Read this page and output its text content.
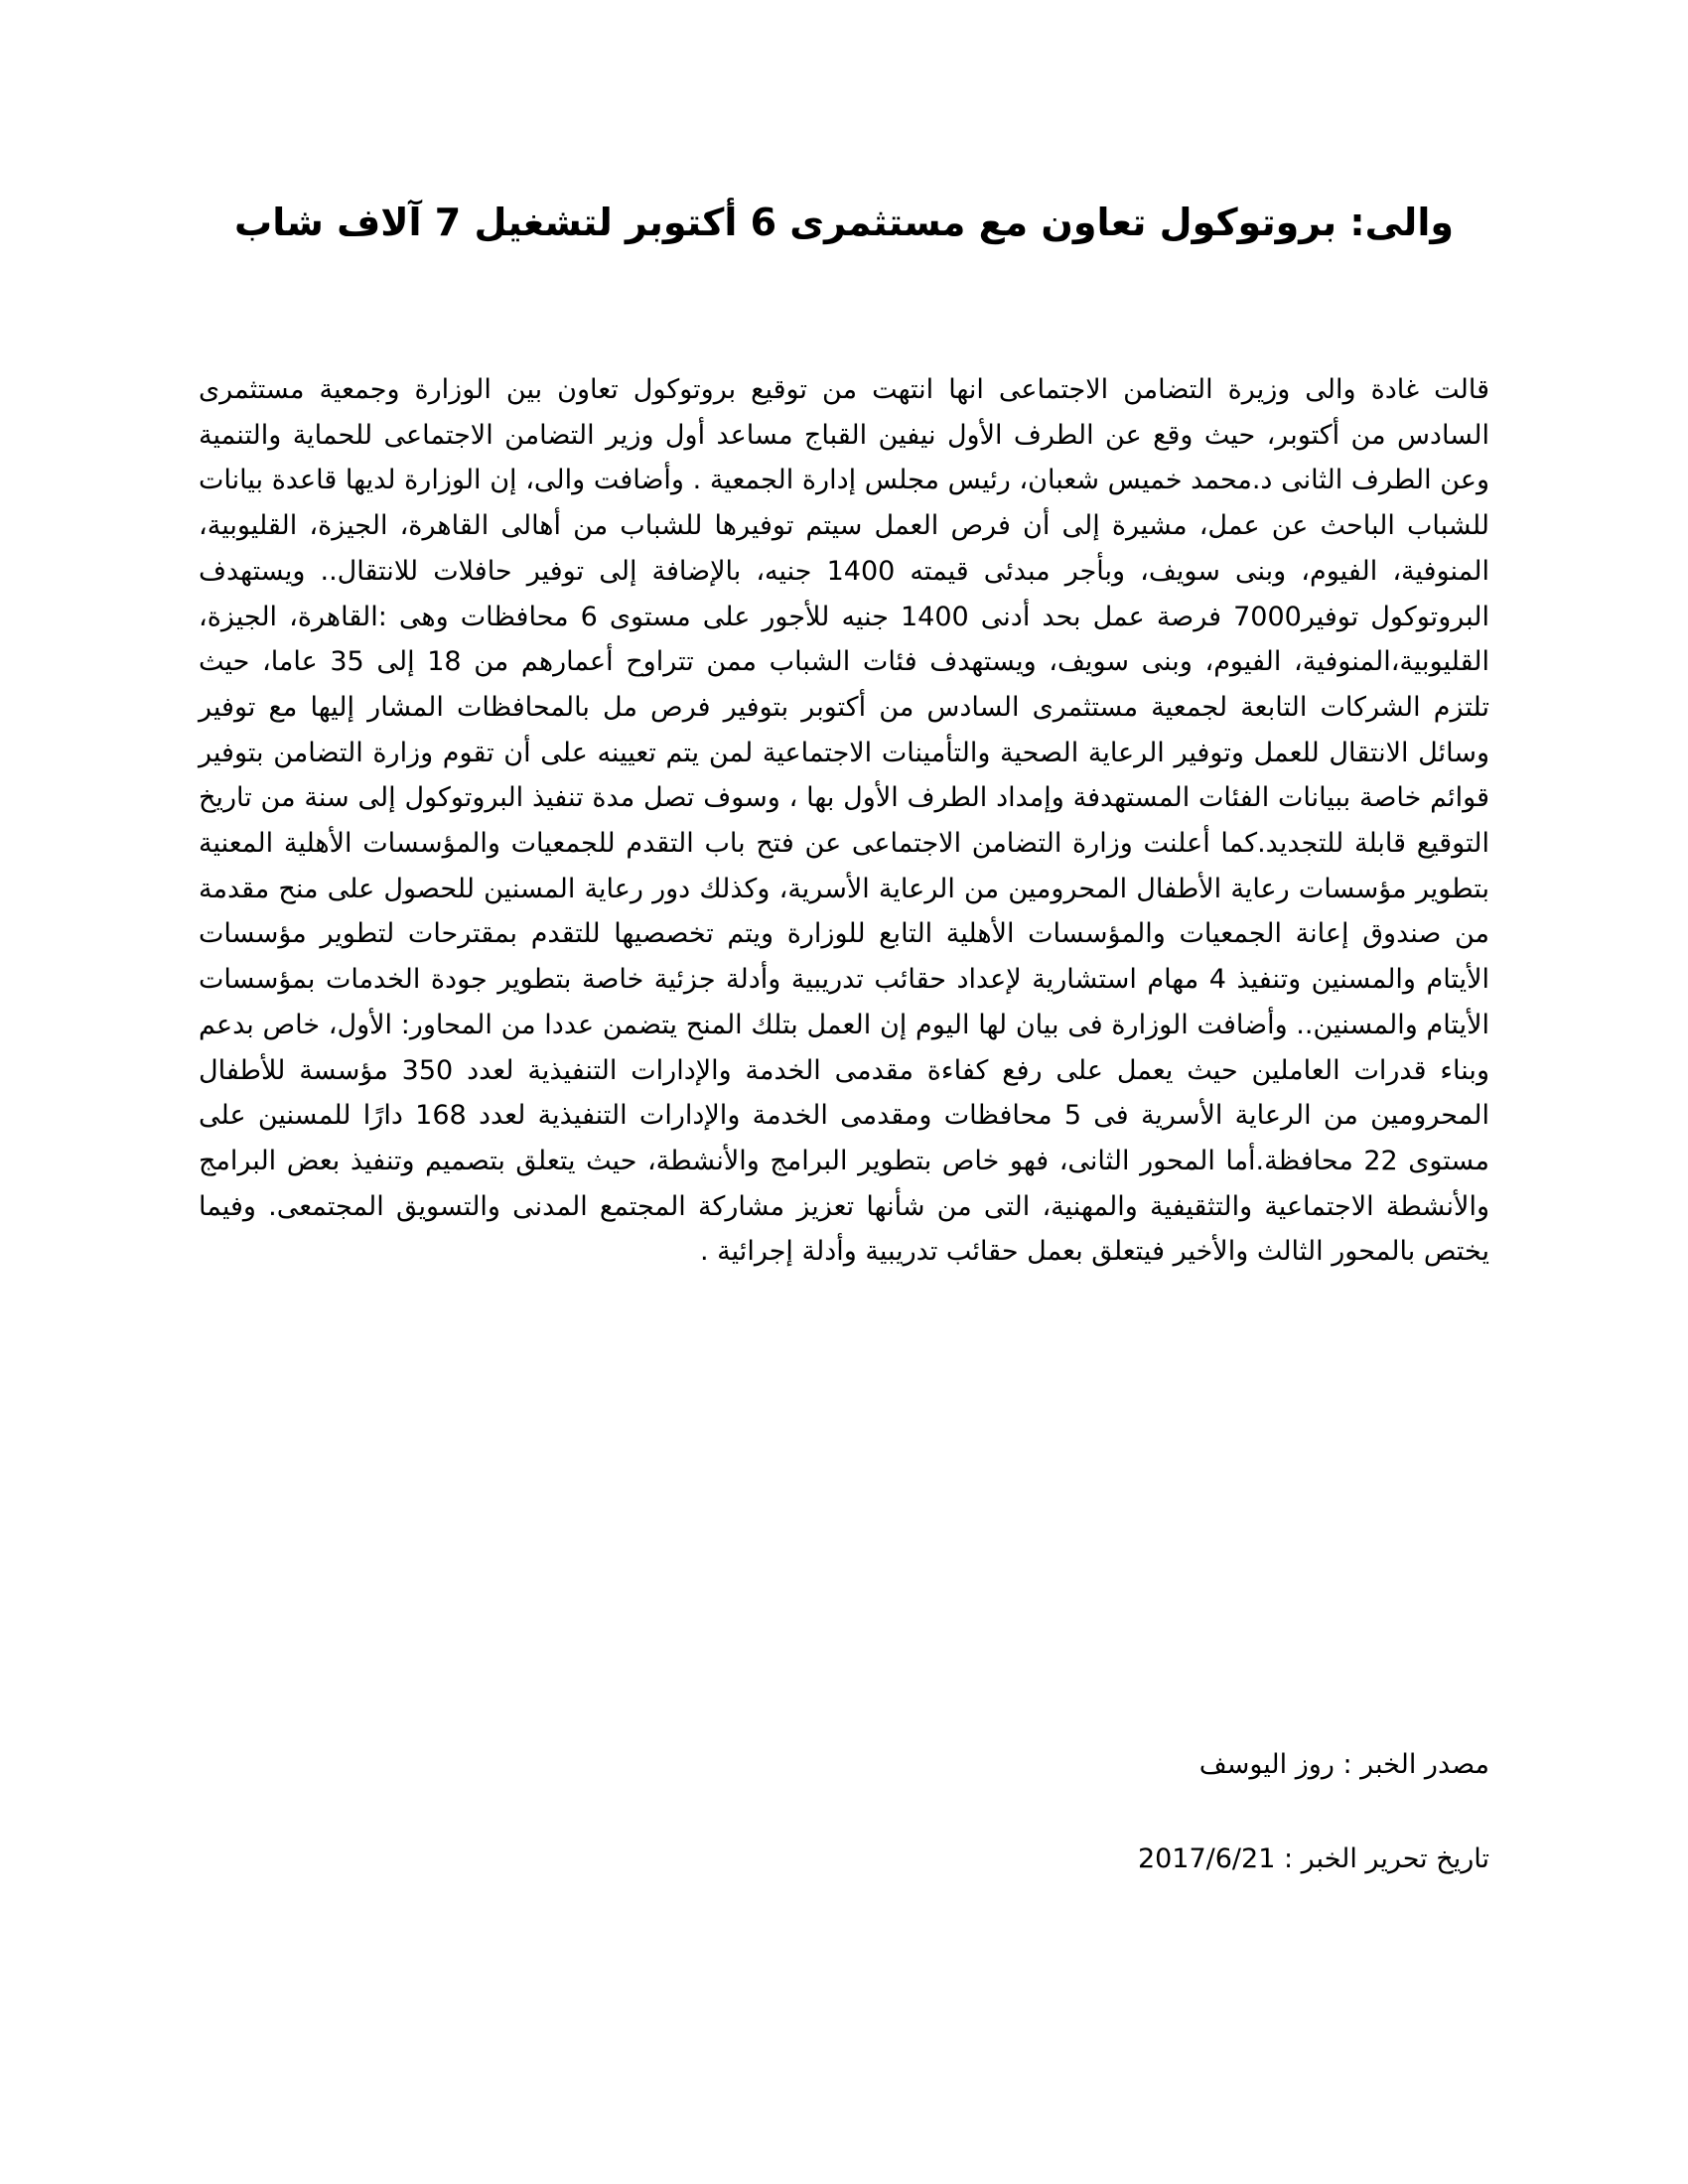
والى: بروتوكول تعاون مع مستثمرى 6 أكتوبر لتشغيل 7 آلاف شاب

قالت غادة والى وزيرة التضامن الاجتماعى انها انتهت من توقيع بروتوكول تعاون بين الوزارة وجمعية مستثمرى السادس من أكتوبر، حيث وقع عن الطرف الأول نيفين القباج مساعد أول وزير التضامن الاجتماعى للحماية والتنمية وعن الطرف الثانى د.محمد خميس شعبان، رئيس مجلس إدارة الجمعية . وأضافت والى، إن الوزارة لديها قاعدة بيانات للشباب الباحث عن عمل، مشيرة إلى أن فرص العمل سيتم توفيرها للشباب من أهالى القاهرة، الجيزة، القليوبية، المنوفية، الفيوم، وبنى سويف، وبأجر مبدئى قيمته 1400 جنيه، بالإضافة إلى توفير حافلات للانتقال.. ويستهدف البروتوكول توفير7000 فرصة عمل بحد أدنى 1400 جنيه للأجور على مستوى 6 محافظات وهى :القاهرة، الجيزة، القليوبية،المنوفية، الفيوم، وبنى سويف، ويستهدف فئات الشباب ممن تتراوح أعمارهم من 18 إلى 35 عاما، حيث تلتزم الشركات التابعة لجمعية مستثمرى السادس من أكتوبر بتوفير فرص مل بالمحافظات المشار إليها مع توفير وسائل الانتقال للعمل وتوفير الرعاية الصحية والتأمينات الاجتماعية لمن يتم تعيينه على أن تقوم وزارة التضامن بتوفير قوائم خاصة ببيانات الفئات المستهدفة وإمداد الطرف الأول بها ، وسوف تصل مدة تنفيذ البروتوكول إلى سنة من تاريخ التوقيع قابلة للتجديد.كما أعلنت وزارة التضامن الاجتماعى عن فتح باب التقدم للجمعيات والمؤسسات الأهلية المعنية بتطوير مؤسسات رعاية الأطفال المحرومين من الرعاية الأسرية، وكذلك دور رعاية المسنين للحصول على منح مقدمة من صندوق إعانة الجمعيات والمؤسسات الأهلية التابع للوزارة ويتم تخصصيها للتقدم بمقترحات لتطوير مؤسسات الأيتام والمسنين وتنفيذ 4 مهام استشارية لإعداد حقائب تدريبية وأدلة جزئية خاصة بتطوير جودة الخدمات بمؤسسات الأيتام والمسنين.. وأضافت الوزارة فى بيان لها اليوم إن العمل بتلك المنح يتضمن عددا من المحاور: الأول، خاص بدعم وبناء قدرات العاملين حيث يعمل على رفع كفاءة مقدمى الخدمة والإدارات التنفيذية لعدد 350 مؤسسة للأطفال المحرومين من الرعاية الأسرية فى 5 محافظات ومقدمى الخدمة والإدارات التنفيذية لعدد 168 دارًا للمسنين على مستوى 22 محافظة.أما المحور الثانى، فهو خاص بتطوير البرامج والأنشطة، حيث يتعلق بتصميم وتنفيذ بعض البرامج والأنشطة الاجتماعية والتثقيفية والمهنية، التى من شأنها تعزيز مشاركة المجتمع المدنى والتسويق المجتمعى. وفيما يختص بالمحور الثالث والأخير فيتعلق بعمل حقائب تدريبية وأدلة إجرائية .

مصدر الخبر : روز اليوسف

تاريخ تحرير الخبر : 2017/6/21
